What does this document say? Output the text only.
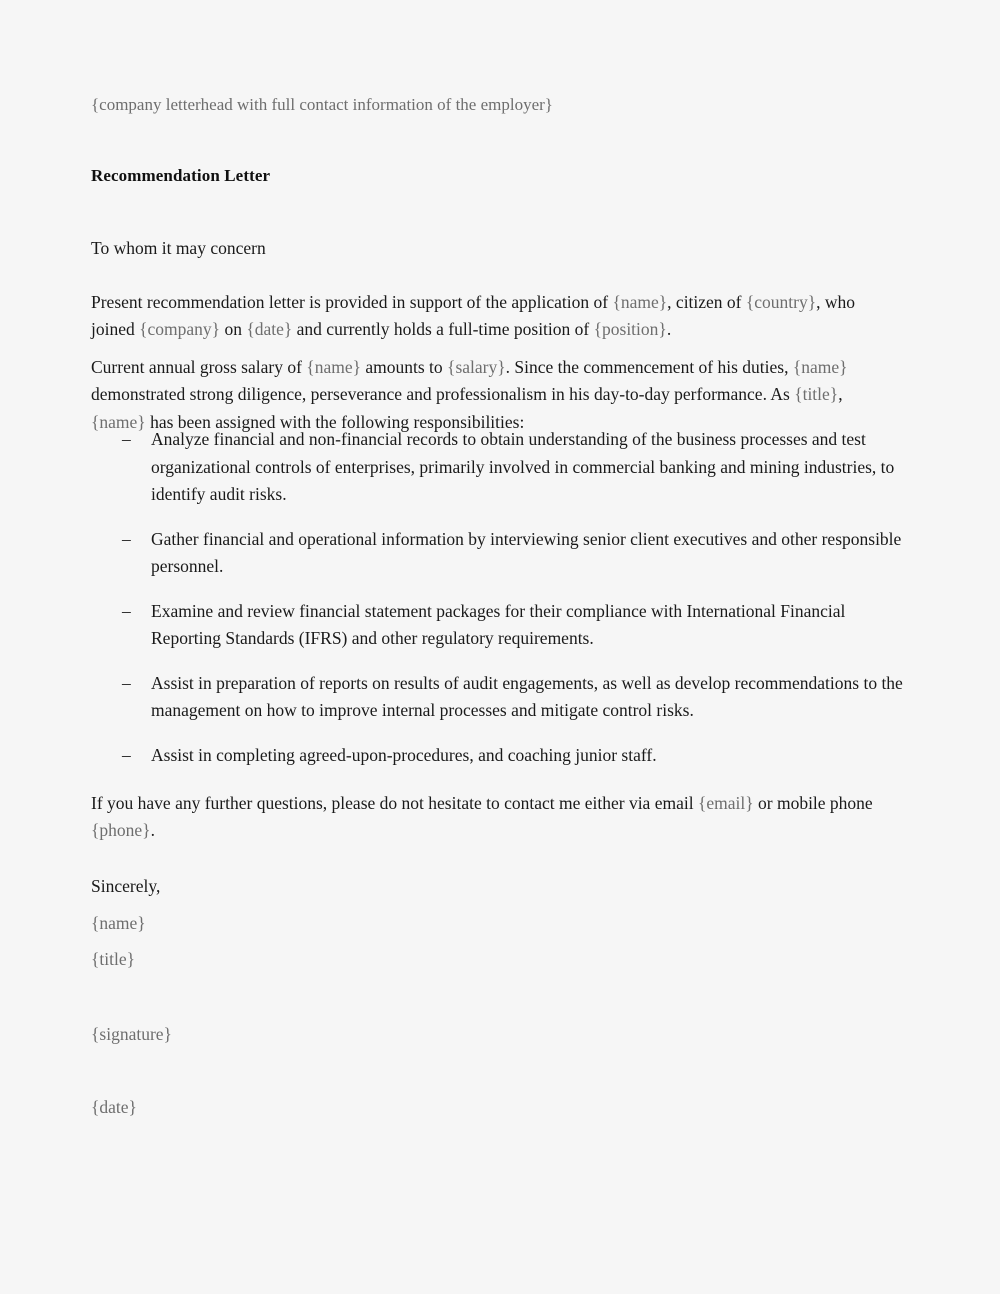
{company letterhead with full contact information of the employer}
Recommendation Letter
To whom it may concern

Present recommendation letter is provided in support of the application of {name}, citizen of {country}, who joined {company} on {date} and currently holds a full-time position of {position}.

Current annual gross salary of {name} amounts to {salary}. Since the commencement of his duties, {name} demonstrated strong diligence, perseverance and professionalism in his day-to-day performance. As {title}, {name} has been assigned with the following responsibilities:

– Analyze financial and non-financial records to obtain understanding of the business processes and test organizational controls of enterprises, primarily involved in commercial banking and mining industries, to identify audit risks.
– Gather financial and operational information by interviewing senior client executives and other responsible personnel.
– Examine and review financial statement packages for their compliance with International Financial Reporting Standards (IFRS) and other regulatory requirements.
– Assist in preparation of reports on results of audit engagements, as well as develop recommendations to the management on how to improve internal processes and mitigate control risks.
– Assist in completing agreed-upon-procedures, and coaching junior staff.

If you have any further questions, please do not hesitate to contact me either via email {email} or mobile phone {phone}.

Sincerely,

{name}

{title}

{signature}

{date}
